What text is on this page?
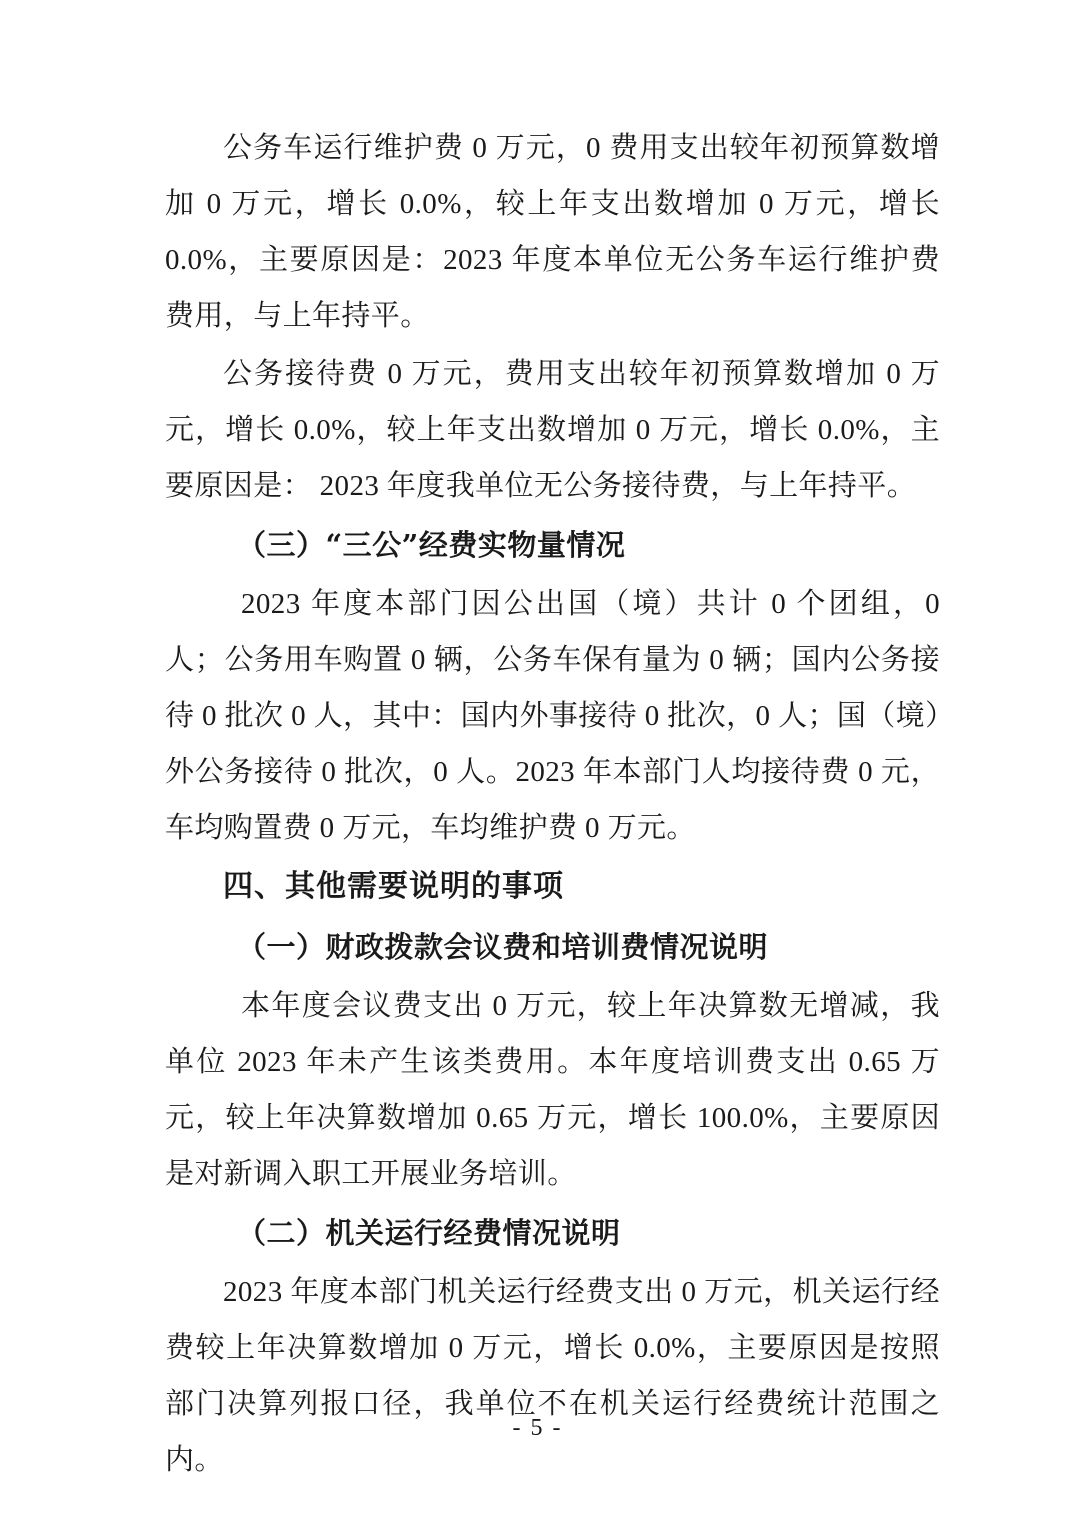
公务车运行维护费 0 万元，0 费用支出较年初预算数增加 0 万元，增长 0.0%，较上年支出数增加 0 万元，增长 0.0%，主要原因是：2023 年度本单位无公务车运行维护费费用，与上年持平。

公务接待费 0 万元，费用支出较年初预算数增加 0 万元，增长 0.0%，较上年支出数增加 0 万元，增长 0.0%，主要原因是： 2023 年度我单位无公务接待费，与上年持平。

（三）“三公”经费实物量情况

2023 年度本部门因公出国（境）共计 0 个团组，0 人；公务用车购置 0 辆，公务车保有量为 0 辆；国内公务接待 0 批次 0 人，其中：国内外事接待 0 批次，0 人；国（境）外公务接待 0 批次，0 人。2023 年本部门人均接待费 0 元，车均购置费 0 万元，车均维护费 0 万元。

四、其他需要说明的事项
（一）财政拨款会议费和培训费情况说明

本年度会议费支出 0 万元，较上年决算数无增减，我单位 2023 年未产生该类费用。本年度培训费支出 0.65 万元，较上年决算数增加 0.65 万元，增长 100.0%，主要原因是对新调入职工开展业务培训。

（二）机关运行经费情况说明

2023 年度本部门机关运行经费支出 0 万元，机关运行经费较上年决算数增加 0 万元，增长 0.0%，主要原因是按照部门决算列报口径，我单位不在机关运行经费统计范围之内。

- 5 -
